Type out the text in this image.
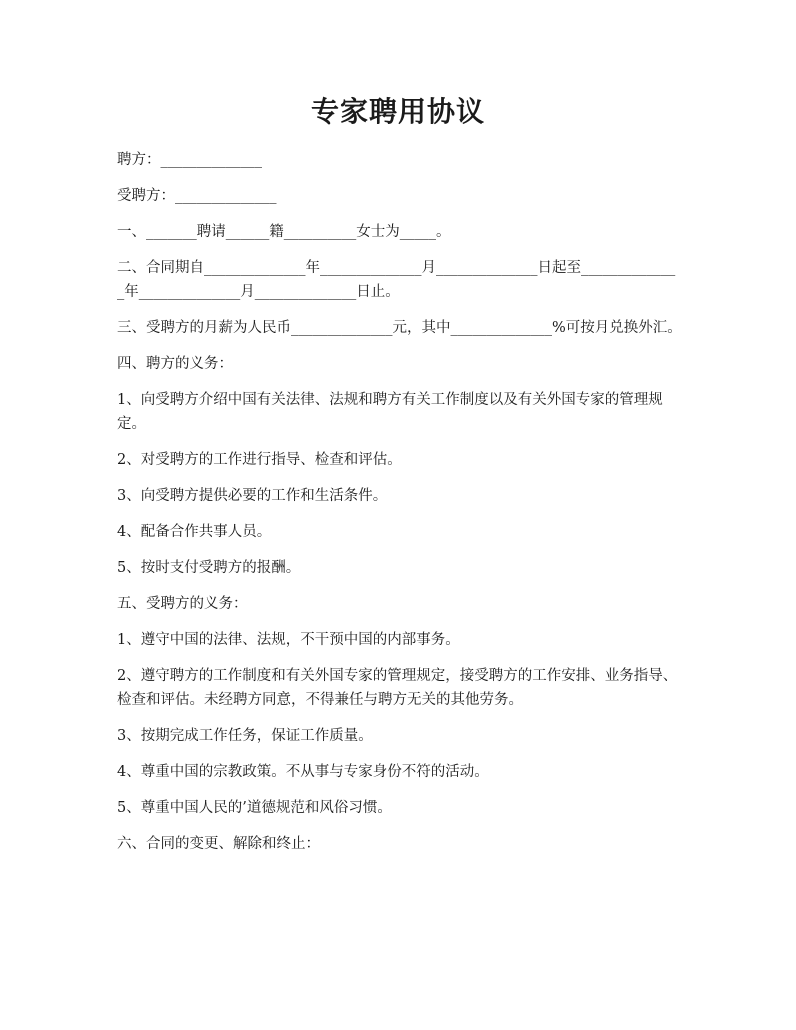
专家聘用协议

聘方：______________

受聘方：______________

一、_______聘请______籍__________女士为_____。

二、合同期自______________年______________月______________日起至______________年______________月______________日止。

三、受聘方的月薪为人民币______________元，其中______________%可按月兑换外汇。

四、聘方的义务：

1、向受聘方介绍中国有关法律、法规和聘方有关工作制度以及有关外国专家的管理规定。

2、对受聘方的工作进行指导、检查和评估。

3、向受聘方提供必要的工作和生活条件。

4、配备合作共事人员。

5、按时支付受聘方的报酬。

五、受聘方的义务：

1、遵守中国的法律、法规，不干预中国的内部事务。

2、遵守聘方的工作制度和有关外国专家的管理规定，接受聘方的工作安排、业务指导、检查和评估。未经聘方同意，不得兼任与聘方无关的其他劳务。

3、按期完成工作任务，保证工作质量。

4、尊重中国的宗教政策。不从事与专家身份不符的活动。

5、尊重中国人民的’道德规范和风俗习惯。

六、合同的变更、解除和终止：
